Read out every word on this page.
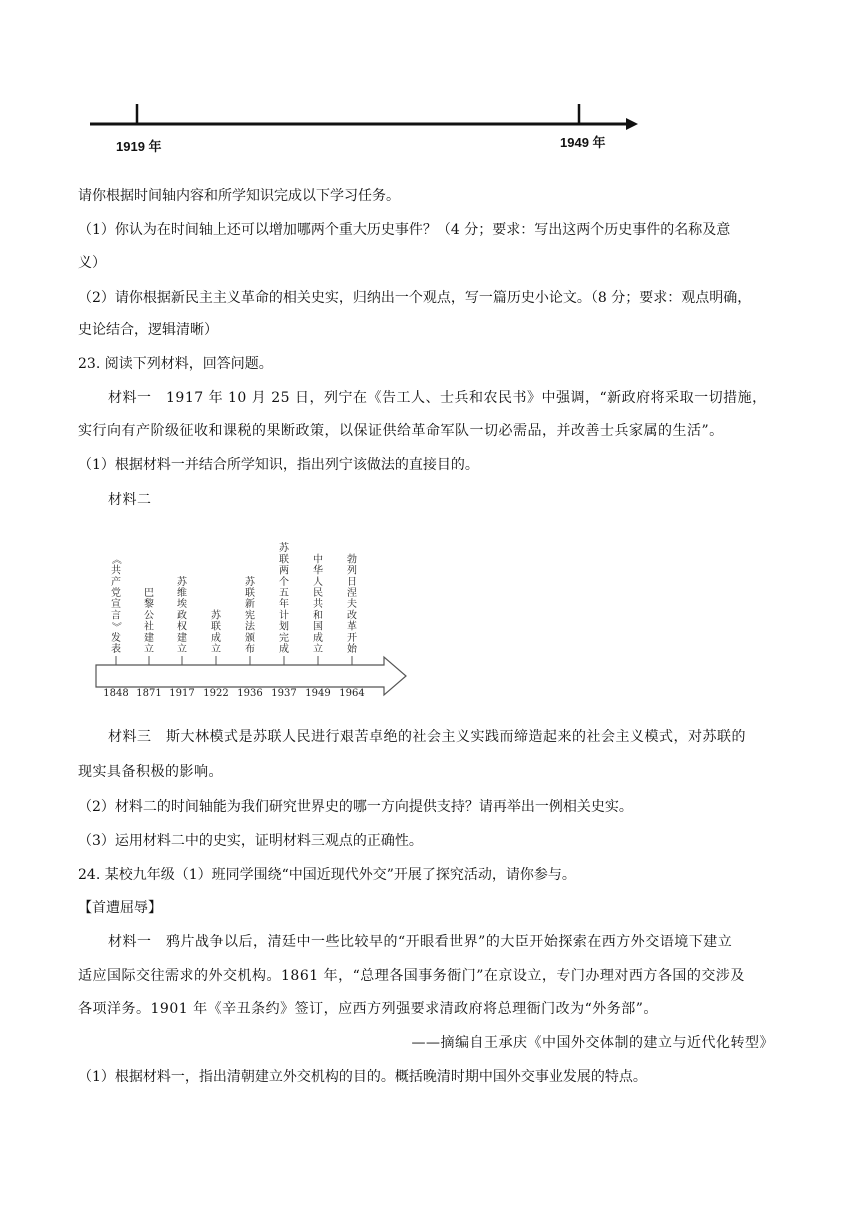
1919 年	1949 年
请你根据时间轴内容和所学知识完成以下学习任务。
（1）你认为在时间轴上还可以增加哪两个重大历史事件？（4 分；要求：写出这两个历史事件的名称及意
义）
（2）请你根据新民主主义革命的相关史实，归纳出一个观点，写一篇历史小论文。（8 分；要求：观点明确，
史论结合，逻辑清晰）
23. 阅读下列材料，回答问题。
材料一　1917 年 10 月 25 日，列宁在《告工人、士兵和农民书》中强调，“新政府将采取一切措施，
实行向有产阶级征收和课税的果断政策，以保证供给革命军队一切必需品，并改善士兵家属的生活”。
（1）根据材料一并结合所学知识，指出列宁该做法的直接目的。
材料二
《
共
产
党
宣
言
》
发
表
1848
巴
黎
公
社
建
立
1871
苏
维
埃
政
权
建
立
1917
苏
联
成
立
1922
苏
联
新
宪
法
颁
布
1936
苏
联
两
个
五
年
计
划
完
成
1937
中
华
人
民
共
和
国
成
立
1949
勃
列
日
涅
夫
改
革
开
始
1964
材料三　斯大林模式是苏联人民进行艰苦卓绝的社会主义实践而缔造起来的社会主义模式，对苏联的
现实具备积极的影响。
（2）材料二的时间轴能为我们研究世界史的哪一方向提供支持？请再举出一例相关史实。
（3）运用材料二中的史实，证明材料三观点的正确性。
24. 某校九年级（1）班同学围绕“中国近现代外交”开展了探究活动，请你参与。
【首遭屈辱】
材料一　鸦片战争以后，清廷中一些比较早的“开眼看世界”的大臣开始探索在西方外交语境下建立
适应国际交往需求的外交机构。1861 年，“总理各国事务衙门”在京设立，专门办理对西方各国的交涉及
各项洋务。1901 年《辛丑条约》签订，应西方列强要求清政府将总理衙门改为“外务部”。
——摘编自王承庆《中国外交体制的建立与近代化转型》
（1）根据材料一，指出清朝建立外交机构的目的。概括晚清时期中国外交事业发展的特点。
